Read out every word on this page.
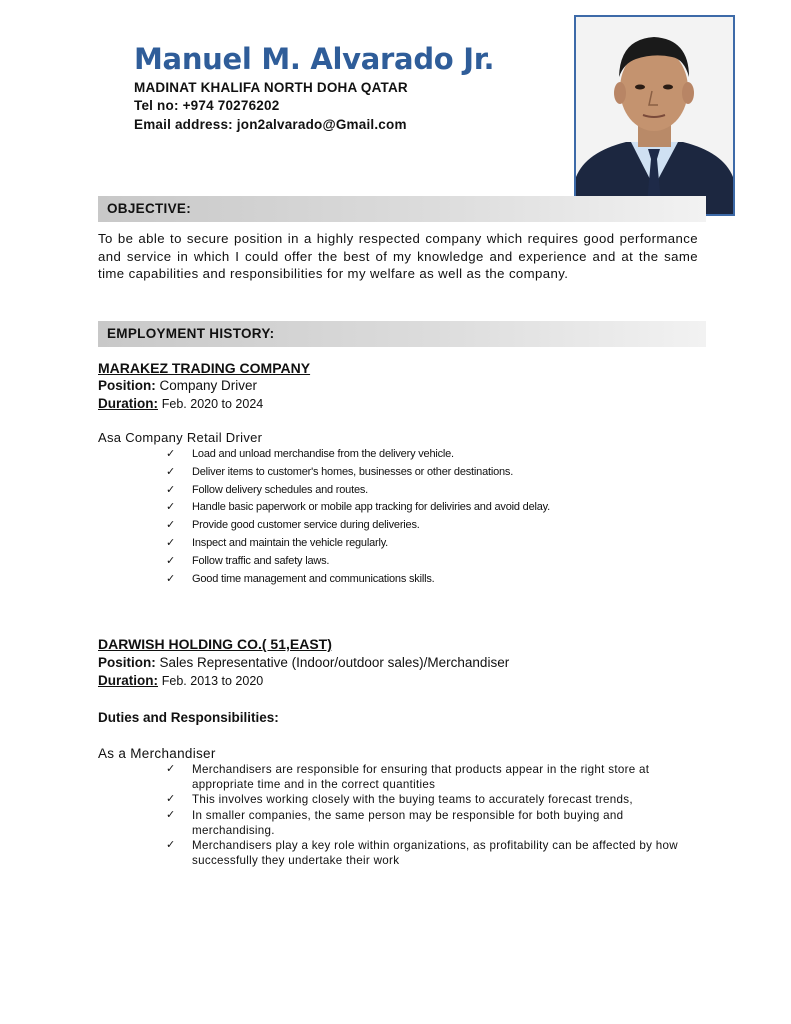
Manuel M. Alvarado Jr.
MADINAT KHALIFA NORTH DOHA QATAR
Tel no: +974 70276202
Email address: jon2alvarado@Gmail.com
OBJECTIVE:
To be able to secure position in a highly respected company which requires good performance and service in which I could offer the best of my knowledge and experience and at the same time capabilities and responsibilities for my welfare as well as the company.
EMPLOYMENT HISTORY:
MARAKEZ TRADING COMPANY
Position: Company Driver
Duration: Feb. 2020 to 2024
Asa Company Retail Driver
✓ Load and unload merchandise from the delivery vehicle.
✓ Deliver items to customer's homes, businesses or other destinations.
✓ Follow delivery schedules and routes.
✓ Handle basic paperwork or mobile app tracking for deliviries and avoid delay.
✓ Provide good customer service during deliveries.
✓ Inspect and maintain the vehicle regularly.
✓ Follow traffic and safety laws.
✓ Good time management and communications skills.
DARWISH HOLDING CO.( 51,EAST)
Position: Sales Representative (Indoor/outdoor sales)/Merchandiser
Duration: Feb. 2013 to 2020
Duties and Responsibilities:
As a Merchandiser
✓ Merchandisers are responsible for ensuring that products appear in the right store at appropriate time and in the correct quantities
✓ This involves working closely with the buying teams to accurately forecast trends,
✓ In smaller companies, the same person may be responsible for both buying and merchandising.
✓ Merchandisers play a key role within organizations, as profitability can be affected by how successfully they undertake their work
